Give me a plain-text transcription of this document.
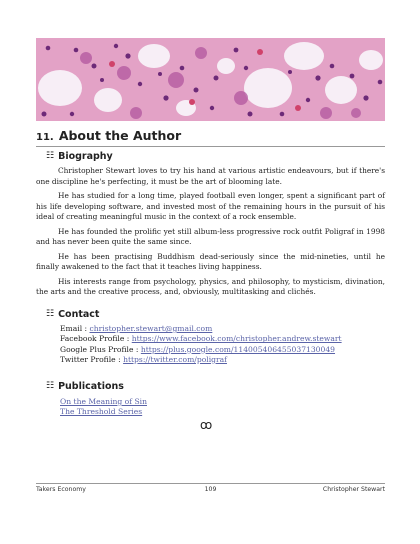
11. About the Author
☷ Biography

Christopher Stewart loves to try his hand at various artistic endeavours, but if there's one discipline he's perfecting, it must be the art of blooming late.

He has studied for a long time, played football even longer, spent a significant part of his life developing software, and invested most of the remaining hours in the pursuit of his ideal of creating meaningful music in the context of a rock ensemble.

He has founded the prolific yet still album-less progressive rock outfit Poligraf in 1998 and has never been quite the same since.

He has been practising Buddhism dead-seriously since the mid-nineties, until he finally awakened to the fact that it teaches living happiness.

His interests range from psychology, physics, and philosophy, to mysticism, divination, the arts and the creative process, and, obviously, multitasking and clichés.

☷ Contact
Email : christopher.stewart@gmail.com
Facebook Profile : https://www.facebook.com/christopher.andrew.stewart
Google Plus Profile : https://plus.google.com/114005406455037130049
Twitter Profile : https://twitter.com/poligraf
☷ Publications
On the Meaning of Sin
The Threshold Series
ꝏ
Takers Economy	109	Christopher Stewart
